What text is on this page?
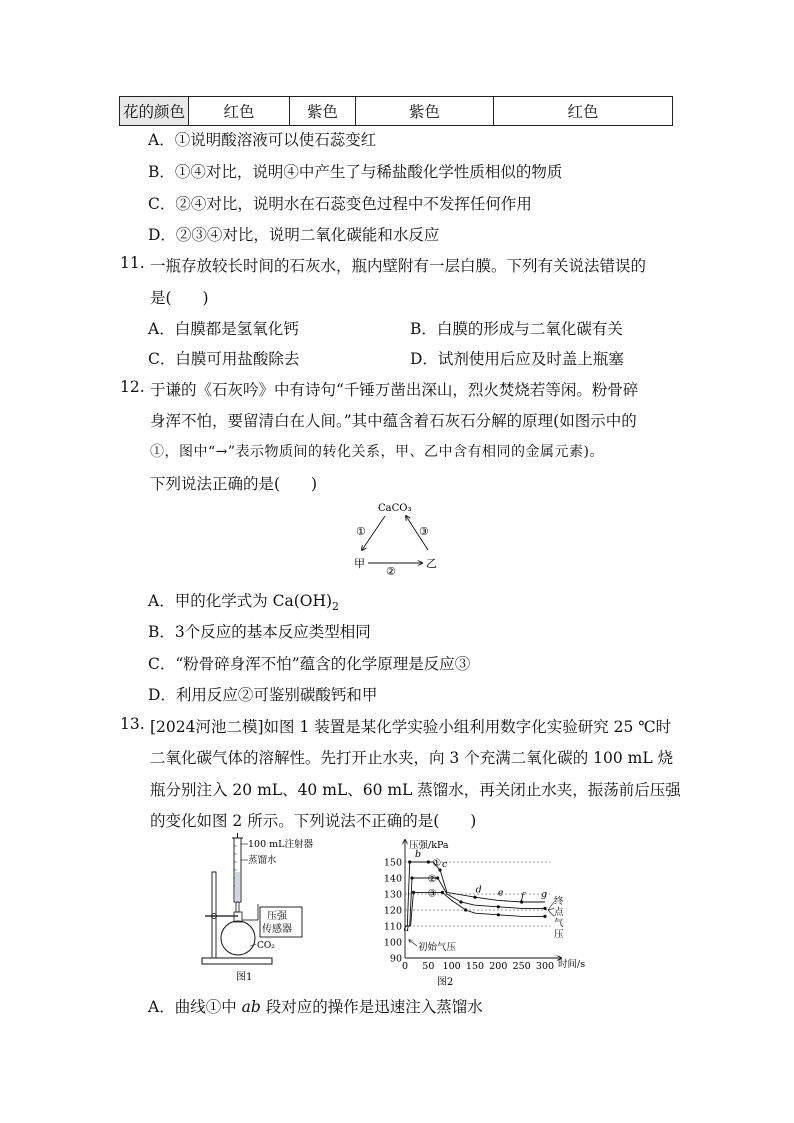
花的颜色	红色	紫色	紫色	红色
A．①说明酸溶液可以使石蕊变红
B．①④对比，说明④中产生了与稀盐酸化学性质相似的物质
C．②④对比，说明水在石蕊变色过程中不发挥任何作用
D．②③④对比，说明二氧化碳能和水反应
11. 一瓶存放较长时间的石灰水，瓶内壁附有一层白膜。下列有关说法错误的
是(　　)
A．白膜都是氢氧化钙	B．白膜的形成与二氧化碳有关
C．白膜可用盐酸除去	D．试剂使用后应及时盖上瓶塞
12. 于谦的《石灰吟》中有诗句“千锤万凿出深山，烈火焚烧若等闲。粉骨碎
身浑不怕，要留清白在人间。”其中蕴含着石灰石分解的原理(如图示中的
①，图中“→”表示物质间的转化关系，甲、乙中含有相同的金属元素)。
下列说法正确的是(　　)
CaCO₃
甲	乙
①
②
③
A．甲的化学式为 $Ca(OH)_2$
B．3个反应的基本反应类型相同
C．“粉骨碎身浑不怕”蕴含的化学原理是反应③
D．利用反应②可鉴别碳酸钙和甲
13. [2024河池二模]如图 1 装置是某化学实验小组利用数字化实验研究 25 ℃时
二氧化碳气体的溶解性。先打开止水夹，向 3 个充满二氧化碳的 100 mL 烧
瓶分别注入 20 mL、40 mL、60 mL 蒸馏水，再关闭止水夹，振荡前后压强
的变化如图 2 所示。下列说法不正确的是(　　)
100 mL注射器
蒸馏水
压强
传感器
CO₂
图1
压强/kPa
时间/s
终
点
气
压
初始气压
图2
150
140
130
120
110
100
90
0 50 100 150 200 250 300
①
②
③
a
b
c
d e f g
A．曲线①中 ab 段对应的操作是迅速注入蒸馏水
